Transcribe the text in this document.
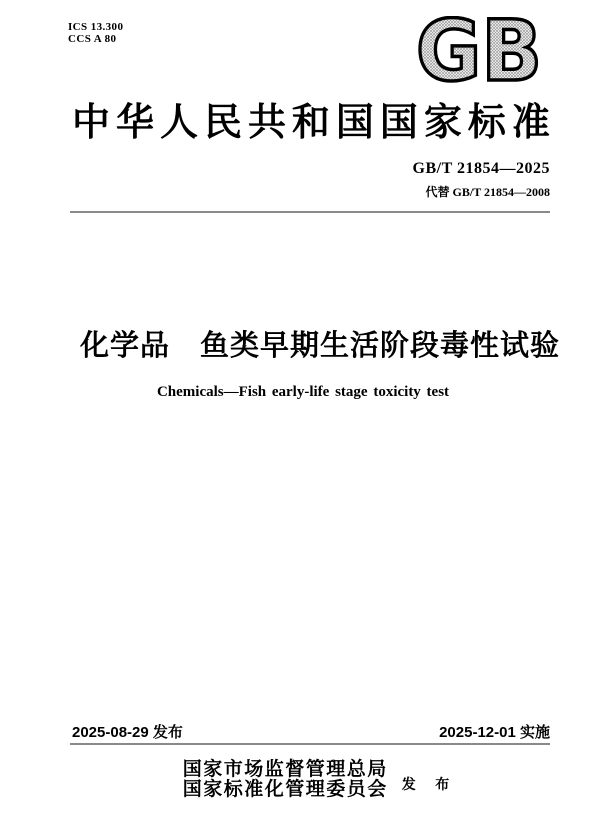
ICS 13.300
CCS A 80	GB
中 华 人 民 共 和 国 国 家 标 准
GB/T 21854—2025
代替 GB/T 21854—2008
化学品　鱼类早期生活阶段毒性试验
Chemicals—Fish early-life stage toxicity test
2025-08-29 发布	2025-12-01 实施
国家市场监督管理总局
国家标准化管理委员会 发 布
